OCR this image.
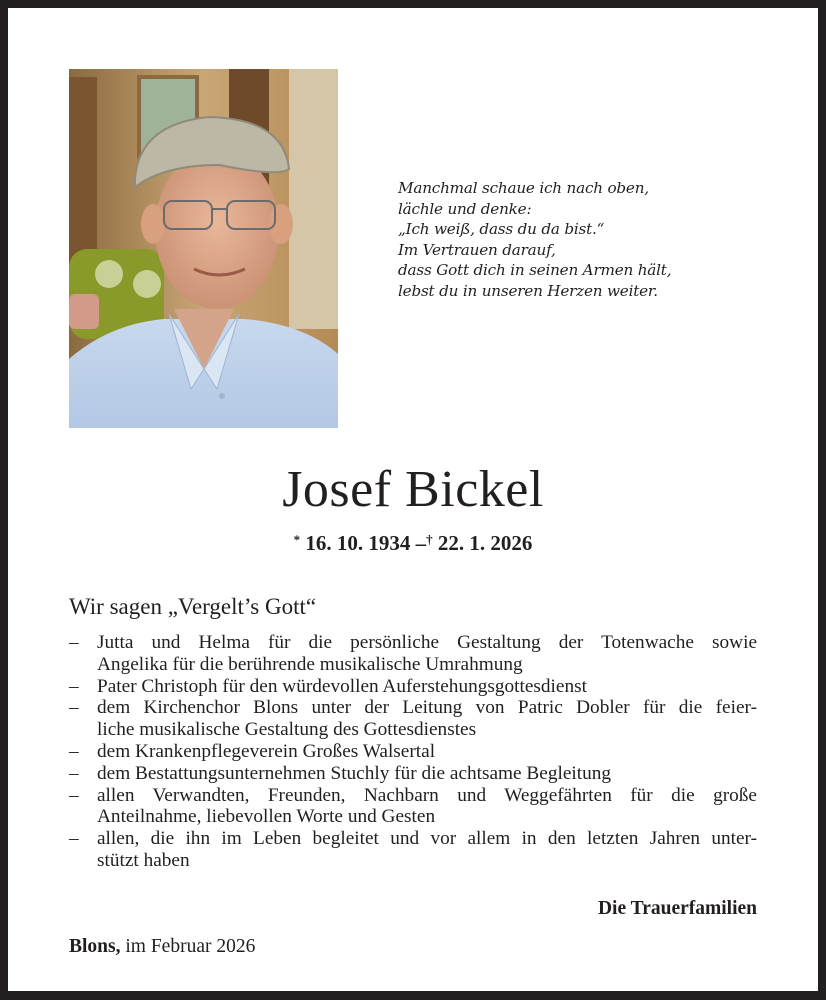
Manchmal schaue ich nach oben,
lächle und denke:
„Ich weiß, dass du da bist.“
Im Vertrauen darauf,
dass Gott dich in seinen Armen hält,
lebst du in unseren Herzen weiter.
Josef Bickel
* 16. 10. 1934 –† 22. 1. 2026
Wir sagen „Vergelt’s Gott“
– Jutta und Helma für die persönliche Gestaltung der Totenwache sowie
Angelika für die berührende musikalische Umrahmung
– Pater Christoph für den würdevollen Auferstehungsgottesdienst
– dem Kirchenchor Blons unter der Leitung von Patric Dobler für die feier-
liche musikalische Gestaltung des Gottesdienstes
– dem Krankenpflegeverein Großes Walsertal
– dem Bestattungsunternehmen Stuchly für die achtsame Begleitung
– allen Verwandten, Freunden, Nachbarn und Weggefährten für die große
Anteilnahme, liebevollen Worte und Gesten
– allen, die ihn im Leben begleitet und vor allem in den letzten Jahren unter-
stützt haben
Die Trauerfamilien
Blons, im Februar 2026
